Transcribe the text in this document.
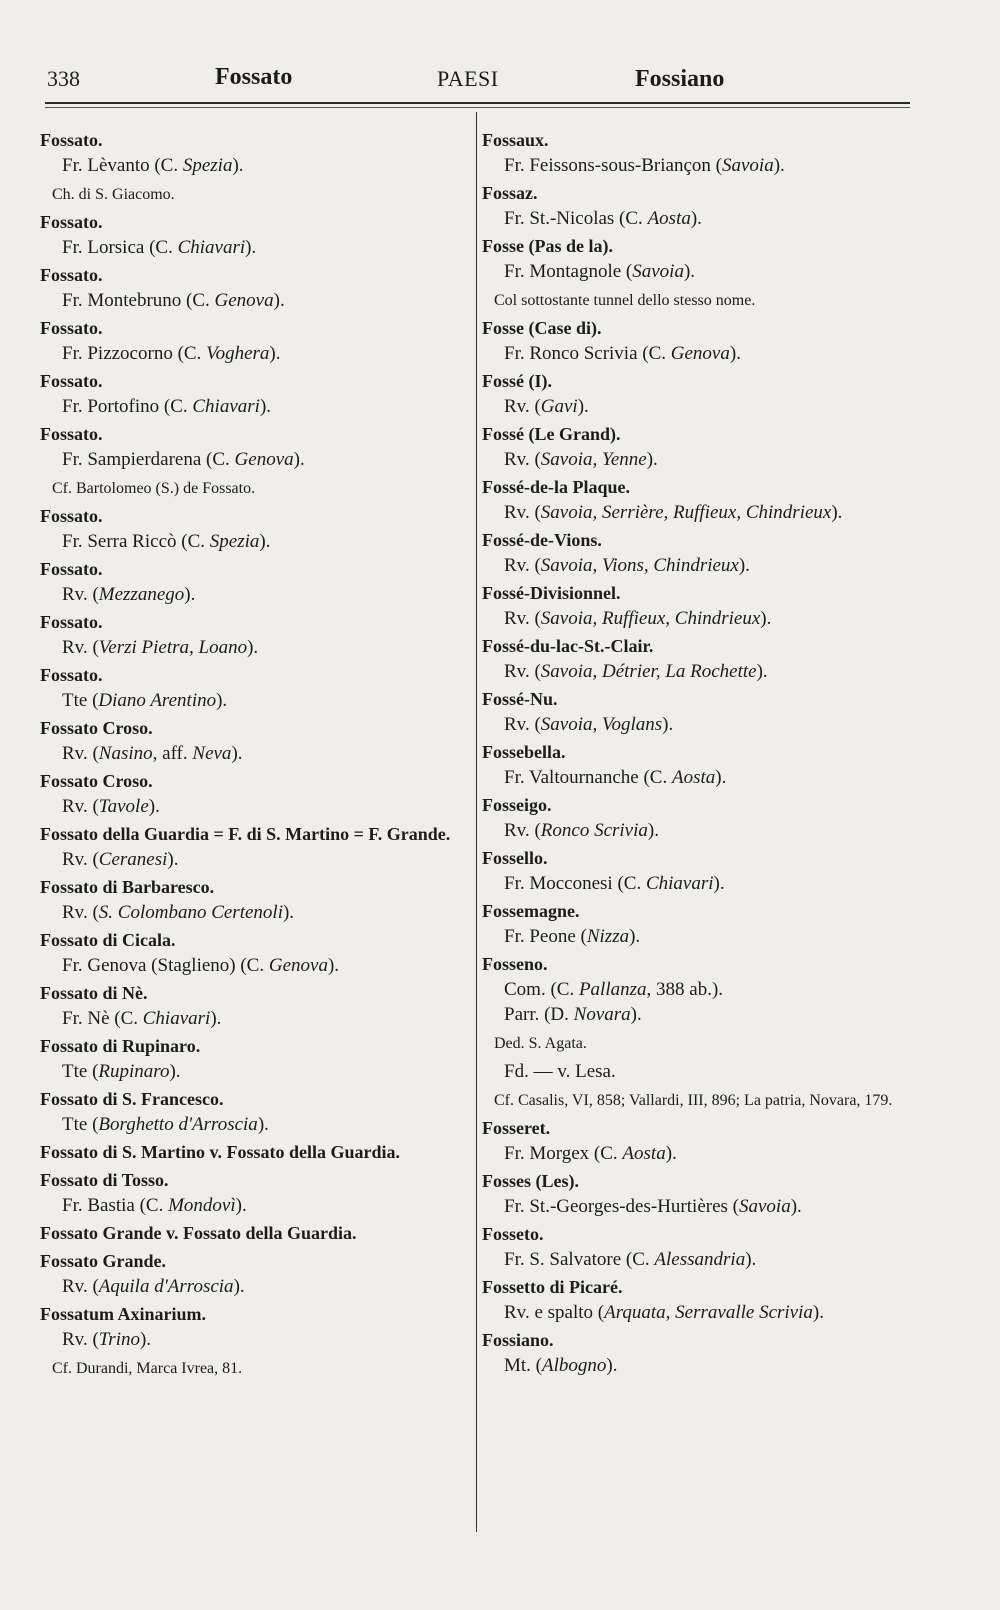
338	Fossato	PAESI	Fossiano
Fossato.
Fr. Lèvanto (C. Spezia).
Ch. di S. Giacomo.
Fossato.
Fr. Lorsica (C. Chiavari).
Fossato.
Fr. Montebruno (C. Genova).
Fossato.
Fr. Pizzocorno (C. Voghera).
Fossato.
Fr. Portofino (C. Chiavari).
Fossato.
Fr. Sampierdarena (C. Genova).
Cf. Bartolomeo (S.) de Fossato.
Fossato.
Fr. Serra Riccò (C. Spezia).
Fossato.
Rv. (Mezzanego).
Fossato.
Rv. (Verzi Pietra, Loano).
Fossato.
Tte (Diano Arentino).
Fossato Croso.
Rv. (Nasino, aff. Neva).
Fossato Croso.
Rv. (Tavole).
Fossato della Guardia = F. di S. Martino = F. Grande.
Rv. (Ceranesi).
Fossato di Barbaresco.
Rv. (S. Colombano Certenoli).
Fossato di Cicala.
Fr. Genova (Staglieno) (C. Genova).
Fossato di Nè.
Fr. Nè (C. Chiavari).
Fossato di Rupinaro.
Tte (Rupinaro).
Fossato di S. Francesco.
Tte (Borghetto d'Arroscia).
Fossato di S. Martino v. Fossato della Guardia.
Fossato di Tosso.
Fr. Bastia (C. Mondovì).
Fossato Grande v. Fossato della Guardia.
Fossato Grande.
Rv. (Aquila d'Arroscia).
Fossatum Axinarium.
Rv. (Trino).
Cf. Durandi, Marca Ivrea, 81.
Fossaux.
Fr. Feissons-sous-Briançon (Savoia).
Fossaz.
Fr. St.-Nicolas (C. Aosta).
Fosse (Pas de la).
Fr. Montagnole (Savoia).
Col sottostante tunnel dello stesso nome.
Fosse (Case di).
Fr. Ronco Scrivia (C. Genova).
Fossé (I).
Rv. (Gavi).
Fossé (Le Grand).
Rv. (Savoia, Yenne).
Fossé-de-la Plaque.
Rv. (Savoia, Serrière, Ruffieux, Chindrieux).
Fossé-de-Vions.
Rv. (Savoia, Vions, Chindrieux).
Fossé-Divisionnel.
Rv. (Savoia, Ruffieux, Chindrieux).
Fossé-du-lac-St.-Clair.
Rv. (Savoia, Détrier, La Rochette).
Fossé-Nu.
Rv. (Savoia, Voglans).
Fossebella.
Fr. Valtournanche (C. Aosta).
Fosseigo.
Rv. (Ronco Scrivia).
Fossello.
Fr. Mocconesi (C. Chiavari).
Fossemagne.
Fr. Peone (Nizza).
Fosseno.
Com. (C. Pallanza, 388 ab.).
Parr. (D. Novara).
Ded. S. Agata.
Fd. — v. Lesa.
Cf. Casalis, VI, 858; Vallardi, III, 896; La patria, Novara, 179.
Fosseret.
Fr. Morgex (C. Aosta).
Fosses (Les).
Fr. St.-Georges-des-Hurtières (Savoia).
Fosseto.
Fr. S. Salvatore (C. Alessandria).
Fossetto di Picaré.
Rv. e spalto (Arquata, Serravalle Scrivia).
Fossiano.
Mt. (Albogno).
